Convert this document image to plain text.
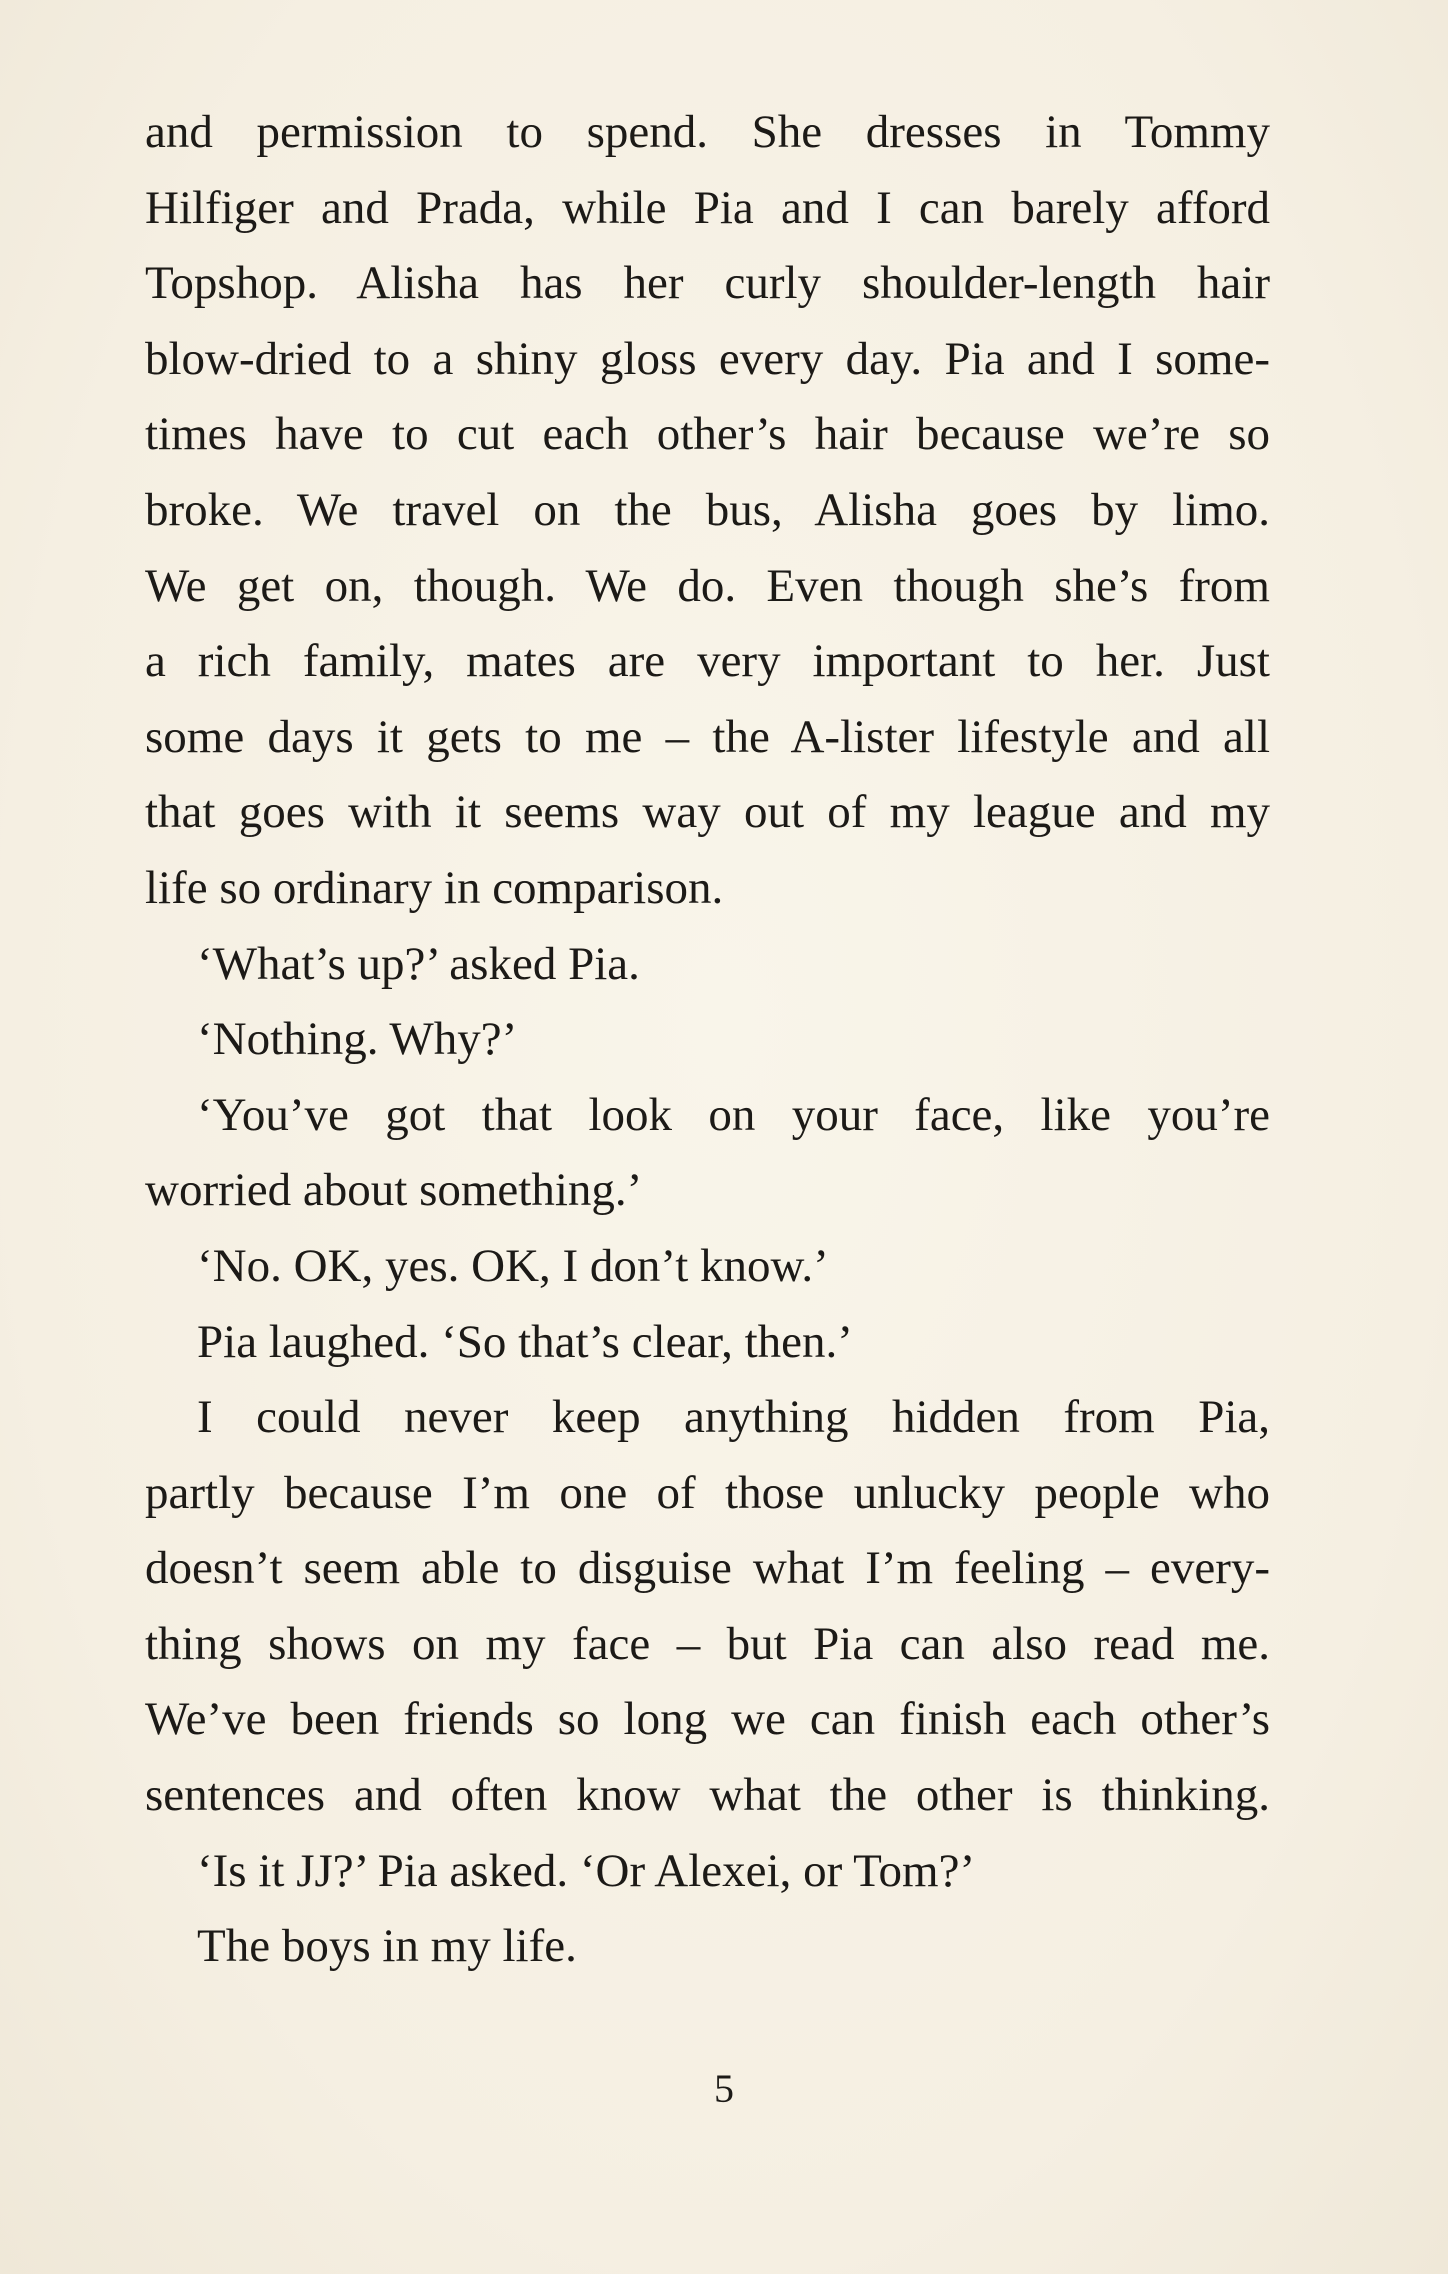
and permission to spend. She dresses in Tommy
Hilfiger and Prada, while Pia and I can barely afford
Topshop. Alisha has her curly shoulder-length hair
blow-dried to a shiny gloss every day. Pia and I some-
times have to cut each other’s hair because we’re so
broke. We travel on the bus, Alisha goes by limo.
We get on, though. We do. Even though she’s from
a rich family, mates are very important to her. Just
some days it gets to me – the A-lister lifestyle and all
that goes with it seems way out of my league and my
life so ordinary in comparison.
‘What’s up?’ asked Pia.
‘Nothing. Why?’
‘You’ve got that look on your face, like you’re
worried about something.’
‘No. OK, yes. OK, I don’t know.’
Pia laughed. ‘So that’s clear, then.’
I could never keep anything hidden from Pia,
partly because I’m one of those unlucky people who
doesn’t seem able to disguise what I’m feeling – every-
thing shows on my face – but Pia can also read me.
We’ve been friends so long we can finish each other’s
sentences and often know what the other is thinking.
‘Is it JJ?’ Pia asked. ‘Or Alexei, or Tom?’
The boys in my life.
5
